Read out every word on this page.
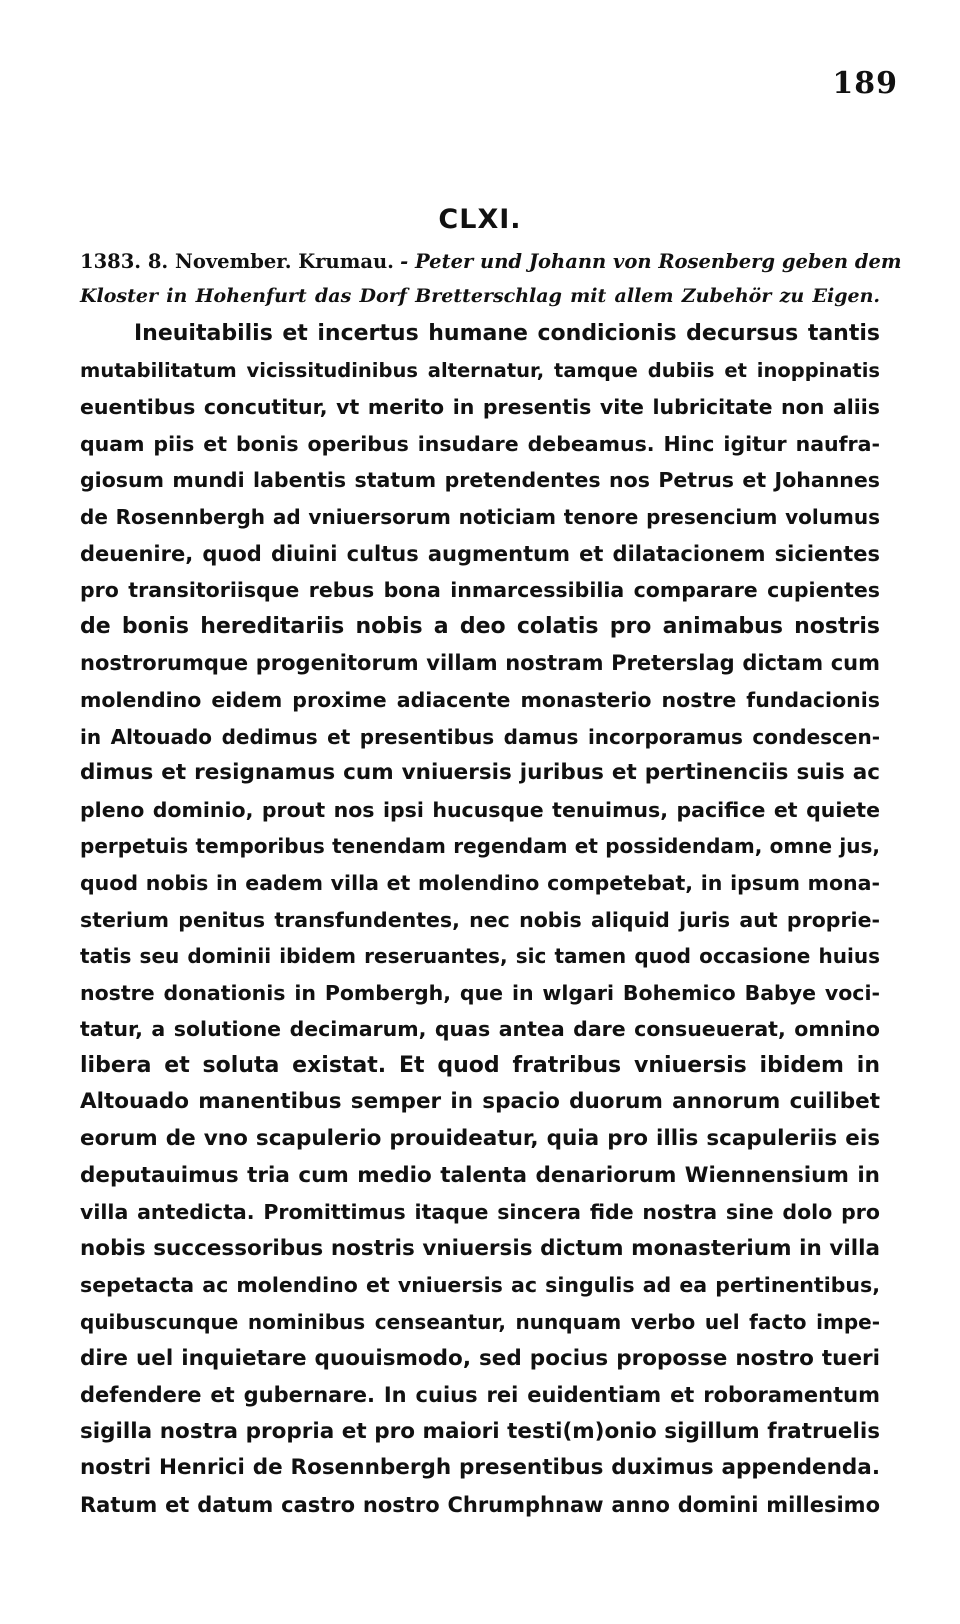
189
CLXI.
1383. 8. November. Krumau. - Peter und Johann von Rosenberg geben dem
Kloster in Hohenfurt das Dorf Bretterschlag mit allem Zubehör zu Eigen.
Ineuitabilis et incertus humane condicionis decursus tantis
mutabilitatum vicissitudinibus alternatur, tamque dubiis et inoppinatis
euentibus concutitur, vt merito in presentis vite lubricitate non aliis
quam piis et bonis operibus insudare debeamus. Hinc igitur naufra-
giosum mundi labentis statum pretendentes nos Petrus et Johannes
de Rosennbergh ad vniuersorum noticiam tenore presencium volumus
deuenire, quod diuini cultus augmentum et dilatacionem sicientes
pro transitoriisque rebus bona inmarcessibilia comparare cupientes
de bonis hereditariis nobis a deo colatis pro animabus nostris
nostrorumque progenitorum villam nostram Preterslag dictam cum
molendino eidem proxime adiacente monasterio nostre fundacionis
in Altouado dedimus et presentibus damus incorporamus condescen-
dimus et resignamus cum vniuersis juribus et pertinenciis suis ac
pleno dominio, prout nos ipsi hucusque tenuimus, pacifice et quiete
perpetuis temporibus tenendam regendam et possidendam, omne jus,
quod nobis in eadem villa et molendino competebat, in ipsum mona-
sterium penitus transfundentes, nec nobis aliquid juris aut proprie-
tatis seu dominii ibidem reseruantes, sic tamen quod occasione huius
nostre donationis in Pombergh, que in wlgari Bohemico Babye voci-
tatur, a solutione decimarum, quas antea dare consueuerat, omnino
libera et soluta existat. Et quod fratribus vniuersis ibidem in
Altouado manentibus semper in spacio duorum annorum cuilibet
eorum de vno scapulerio prouideatur, quia pro illis scapuleriis eis
deputauimus tria cum medio talenta denariorum Wiennensium in
villa antedicta. Promittimus itaque sincera fide nostra sine dolo pro
nobis successoribus nostris vniuersis dictum monasterium in villa
sepetacta ac molendino et vniuersis ac singulis ad ea pertinentibus,
quibuscunque nominibus censeantur, nunquam verbo uel facto impe-
dire uel inquietare quouismodo, sed pocius proposse nostro tueri
defendere et gubernare. In cuius rei euidentiam et roboramentum
sigilla nostra propria et pro maiori testi(m)onio sigillum fratruelis
nostri Henrici de Rosennbergh presentibus duximus appendenda.
Ratum et datum castro nostro Chrumphnaw anno domini millesimo
